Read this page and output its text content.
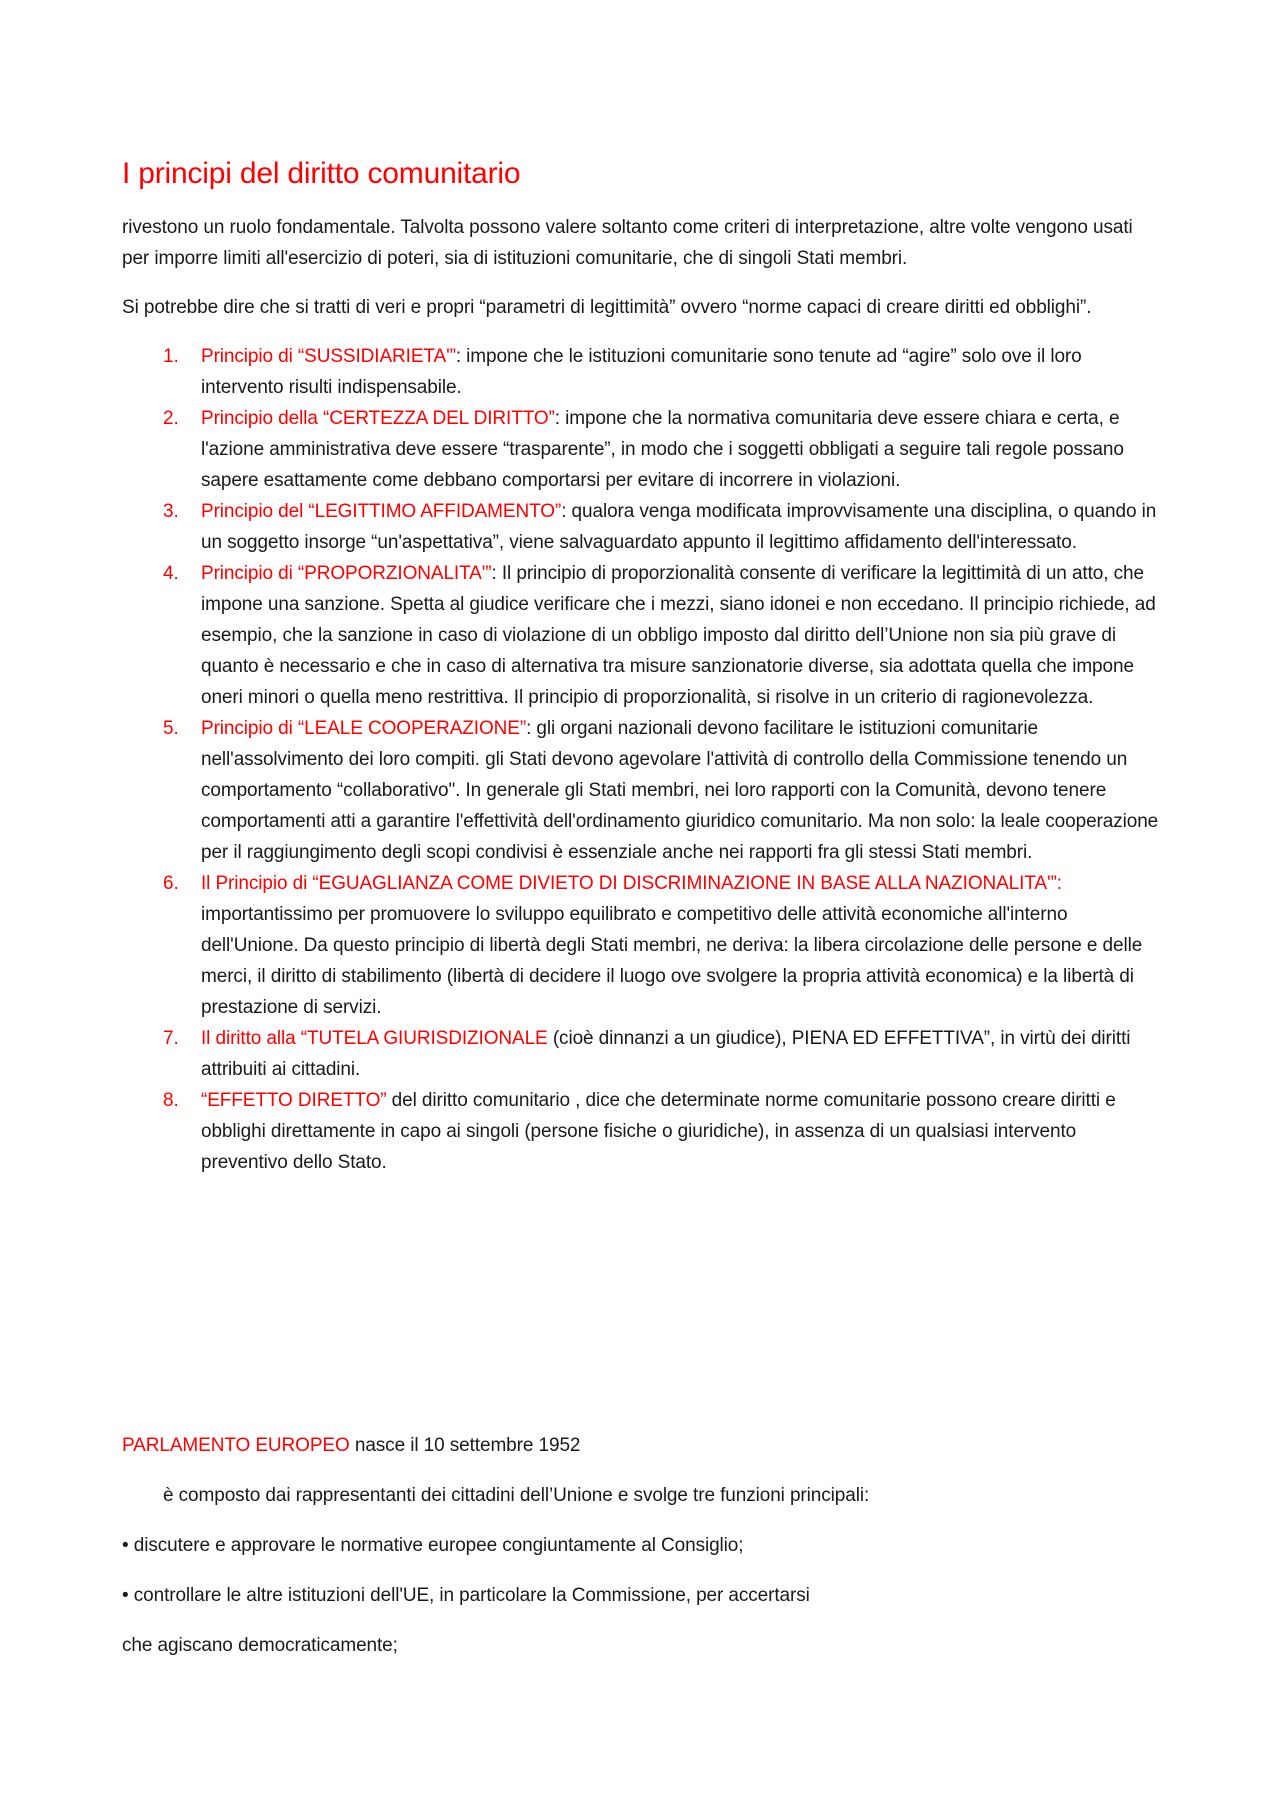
I principi del diritto comunitario

rivestono un ruolo fondamentale. Talvolta possono valere soltanto come criteri di interpretazione, altre volte vengono usati per imporre limiti all'esercizio di poteri, sia di istituzioni comunitarie, che di singoli Stati membri.

Si potrebbe dire che si tratti di veri e propri “parametri di legittimità” ovvero “norme capaci di creare diritti ed obblighi”.

1. Principio di “SUSSIDIARIETA'”: impone che le istituzioni comunitarie sono tenute ad “agire” solo ove il loro intervento risulti indispensabile.
2. Principio della “CERTEZZA DEL DIRITTO”: impone che la normativa comunitaria deve essere chiara e certa, e l'azione amministrativa deve essere “trasparente”, in modo che i soggetti obbligati a seguire tali regole possano sapere esattamente come debbano comportarsi per evitare di incorrere in violazioni.
3. Principio del “LEGITTIMO AFFIDAMENTO”: qualora venga modificata improvvisamente una disciplina, o quando in un soggetto insorge “un'aspettativa”, viene salvaguardato appunto il legittimo affidamento dell'interessato.
4. Principio di “PROPORZIONALITA'”: Il principio di proporzionalità consente di verificare la legittimità di un atto, che impone una sanzione. Spetta al giudice verificare che i mezzi, siano idonei e non eccedano. Il principio richiede, ad esempio, che la sanzione in caso di violazione di un obbligo imposto dal diritto dell’Unione non sia più grave di quanto è necessario e che in caso di alternativa tra misure sanzionatorie diverse, sia adottata quella che impone oneri minori o quella meno restrittiva. Il principio di proporzionalità, si risolve in un criterio di ragionevolezza.
5. Principio di “LEALE COOPERAZIONE”: gli organi nazionali devono facilitare le istituzioni comunitarie nell'assolvimento dei loro compiti. gli Stati devono agevolare l'attività di controllo della Commissione tenendo un comportamento “collaborativo". In generale gli Stati membri, nei loro rapporti con la Comunità, devono tenere comportamenti atti a garantire l'effettività dell'ordinamento giuridico comunitario. Ma non solo: la leale cooperazione per il raggiungimento degli scopi condivisi è essenziale anche nei rapporti fra gli stessi Stati membri.
6. Il Principio di “EGUAGLIANZA COME DIVIETO DI DISCRIMINAZIONE IN BASE ALLA NAZIONALITA'”: importantissimo per promuovere lo sviluppo equilibrato e competitivo delle attività economiche all'interno dell'Unione. Da questo principio di libertà degli Stati membri, ne deriva: la libera circolazione delle persone e delle merci, il diritto di stabilimento (libertà di decidere il luogo ove svolgere la propria attività economica) e la libertà di prestazione di servizi.
7. Il diritto alla “TUTELA GIURISDIZIONALE (cioè dinnanzi a un giudice), PIENA ED EFFETTIVA”, in virtù dei diritti attribuiti ai cittadini.
8. “EFFETTO DIRETTO” del diritto comunitario , dice che determinate norme comunitarie possono creare diritti e obblighi direttamente in capo ai singoli (persone fisiche o giuridiche), in assenza di un qualsiasi intervento preventivo dello Stato.
PARLAMENTO EUROPEO nasce il 10 settembre 1952
è composto dai rappresentanti dei cittadini dell’Unione e svolge tre funzioni principali:
• discutere e approvare le normative europee congiuntamente al Consiglio;
• controllare le altre istituzioni dell'UE, in particolare la Commissione, per accertarsi
che agiscano democraticamente;
